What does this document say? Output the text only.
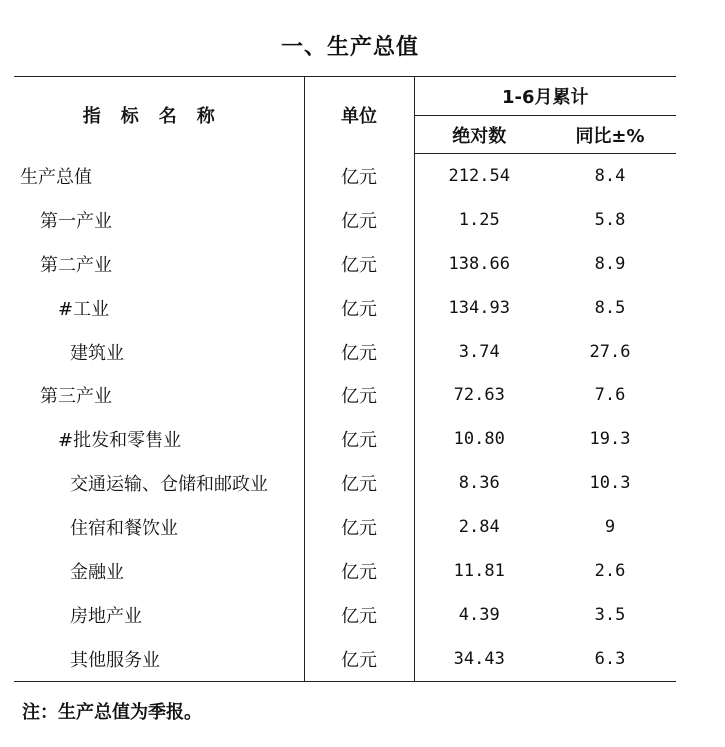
一、生产总值
指标名称	单位	1-6月累计	
		绝对数	同比±%
生产总值	亿元	212.54	8.4
第一产业	亿元	1.25	5.8
第二产业	亿元	138.66	8.9
#工业	亿元	134.93	8.5
建筑业	亿元	3.74	27.6
第三产业	亿元	72.63	7.6
#批发和零售业	亿元	10.80	19.3
交通运输、仓储和邮政业	亿元	8.36	10.3
住宿和餐饮业	亿元	2.84	9
金融业	亿元	11.81	2.6
房地产业	亿元	4.39	3.5
其他服务业	亿元	34.43	6.3
注：生产总值为季报。
